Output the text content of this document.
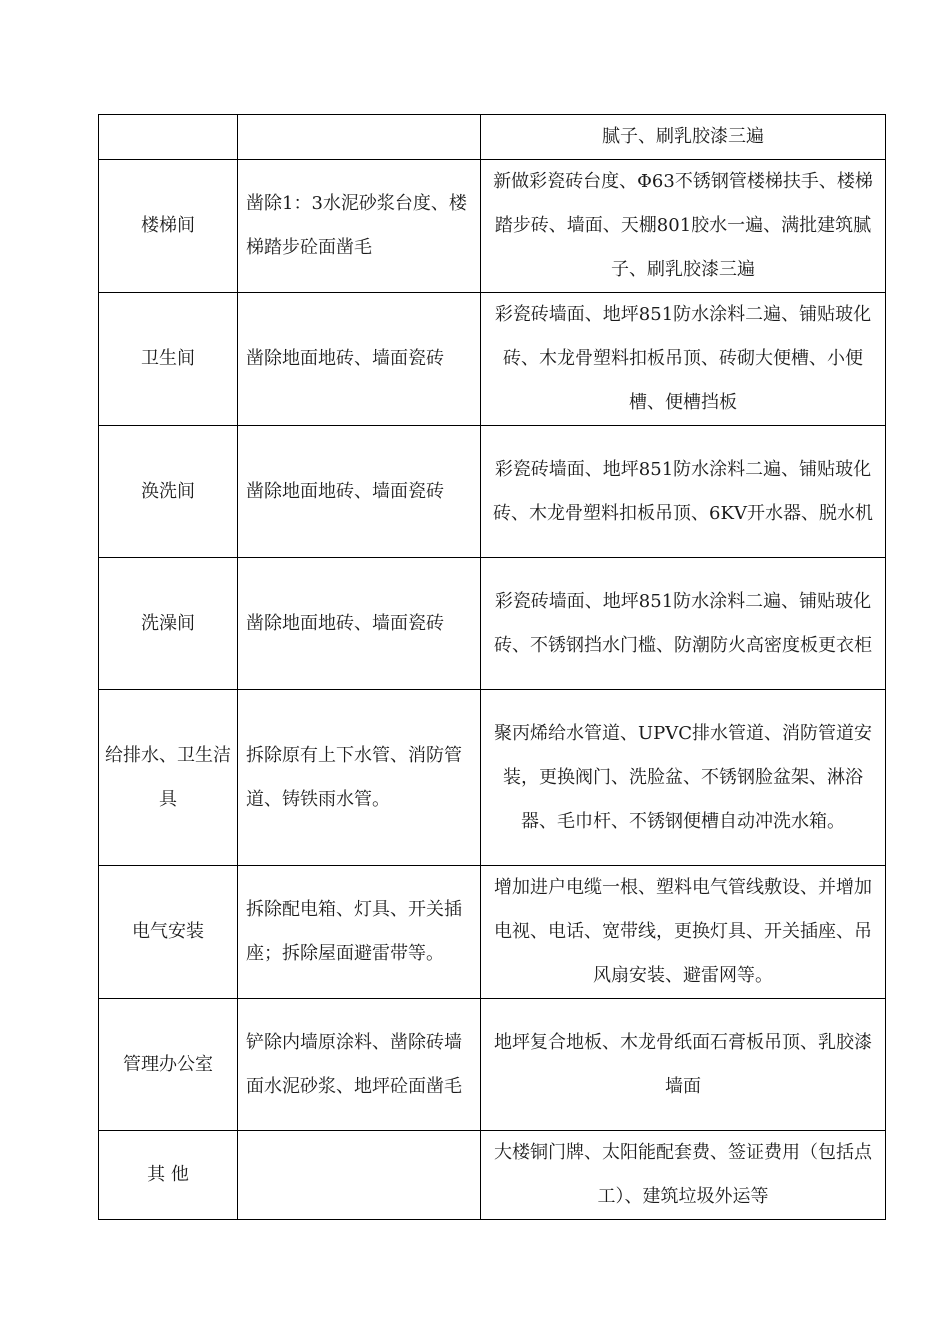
		腻子、刷乳胶漆三遍
楼梯间	凿除1：3水泥砂浆台度、楼梯踏步砼面凿毛	新做彩瓷砖台度、Φ63不锈钢管楼梯扶手、楼梯踏步砖、墙面、天棚801胶水一遍、满批建筑腻子、刷乳胶漆三遍
卫生间	凿除地面地砖、墙面瓷砖	彩瓷砖墙面、地坪851防水涂料二遍、铺贴玻化砖、木龙骨塑料扣板吊顶、砖砌大便槽、小便槽、便槽挡板
涣洗间	凿除地面地砖、墙面瓷砖	彩瓷砖墙面、地坪851防水涂料二遍、铺贴玻化砖、木龙骨塑料扣板吊顶、6KV开水器、脱水机
洗澡间	凿除地面地砖、墙面瓷砖	彩瓷砖墙面、地坪851防水涂料二遍、铺贴玻化砖、不锈钢挡水门槛、防潮防火高密度板更衣柜
给排水、卫生洁具	拆除原有上下水管、消防管道、铸铁雨水管。	聚丙烯给水管道、UPVC排水管道、消防管道安装，更换阀门、洗脸盆、不锈钢脸盆架、淋浴器、毛巾杆、不锈钢便槽自动冲洗水箱。
电气安装	拆除配电箱、灯具、开关插座；拆除屋面避雷带等。	增加进户电缆一根、塑料电气管线敷设、并增加电视、电话、宽带线，更换灯具、开关插座、吊风扇安装、避雷网等。
管理办公室	铲除内墙原涂料、凿除砖墙面水泥砂浆、地坪砼面凿毛	地坪复合地板、木龙骨纸面石膏板吊顶、乳胶漆墙面
其 他		大楼铜门牌、太阳能配套费、签证费用（包括点工）、建筑垃圾外运等
